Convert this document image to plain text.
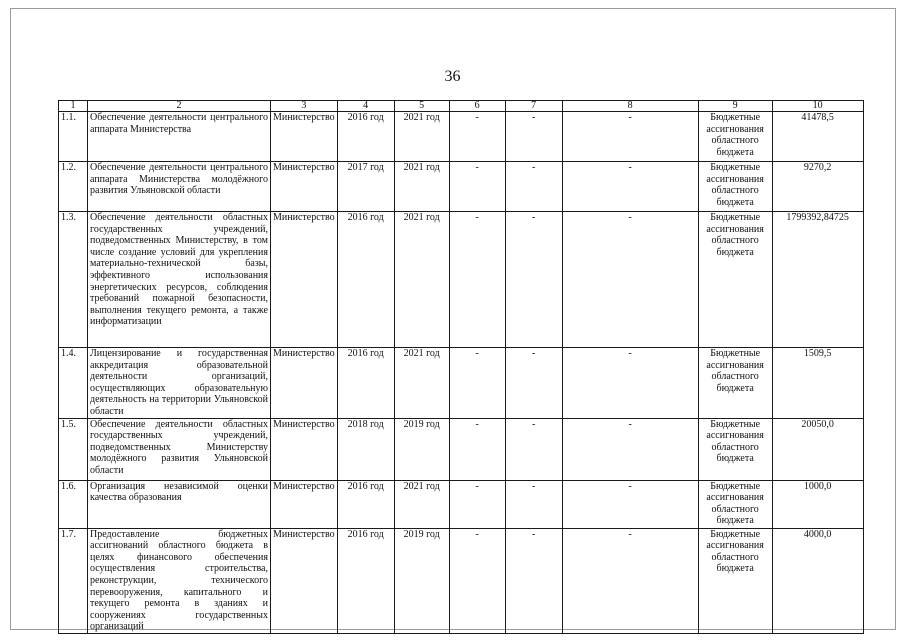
36
1	2	3	4	5	6	7	8	9	10
1.1.	Обеспечение деятельности центрального аппарата Министерства	Министерство	2016 год	2021 год	-	-	-	Бюджетные ассигнования областного бюджета	41478,5
1.2.	Обеспечение деятельности центрального аппарата Министерства молодёжного развития Ульяновской области	Министерство	2017 год	2021 год	-	-	-	Бюджетные ассигнования областного бюджета	9270,2
1.3.	Обеспечение деятельности областных государственных учреждений, подведомственных Министерству, в том числе создание условий для укрепления материально-технической базы, эффективного использования энергетических ресурсов, соблюдения требований пожарной безопасности, выполнения текущего ремонта, а также информатизации	Министерство	2016 год	2021 год	-	-	-	Бюджетные ассигнования областного бюджета	1799392,84725
1.4.	Лицензирование и государственная аккредитация образовательной деятельности организаций, осуществляющих образовательную деятельность на территории Ульяновской области	Министерство	2016 год	2021 год	-	-	-	Бюджетные ассигнования областного бюджета	1509,5
1.5.	Обеспечение деятельности областных государственных учреждений, подведомственных Министерству молодёжного развития Ульяновской области	Министерство	2018 год	2019 год	-	-	-	Бюджетные ассигнования областного бюджета	20050,0
1.6.	Организация независимой оценки качества образования	Министерство	2016 год	2021 год	-	-	-	Бюджетные ассигнования областного бюджета	1000,0
1.7.	Предоставление бюджетных ассигнований областного бюджета в целях финансового обеспечения осуществления строительства, реконструкции, технического перевооружения, капитального и текущего ремонта в зданиях и сооружениях государственных организаций	Министерство	2016 год	2019 год	-	-	-	Бюджетные ассигнования областного бюджета	4000,0
